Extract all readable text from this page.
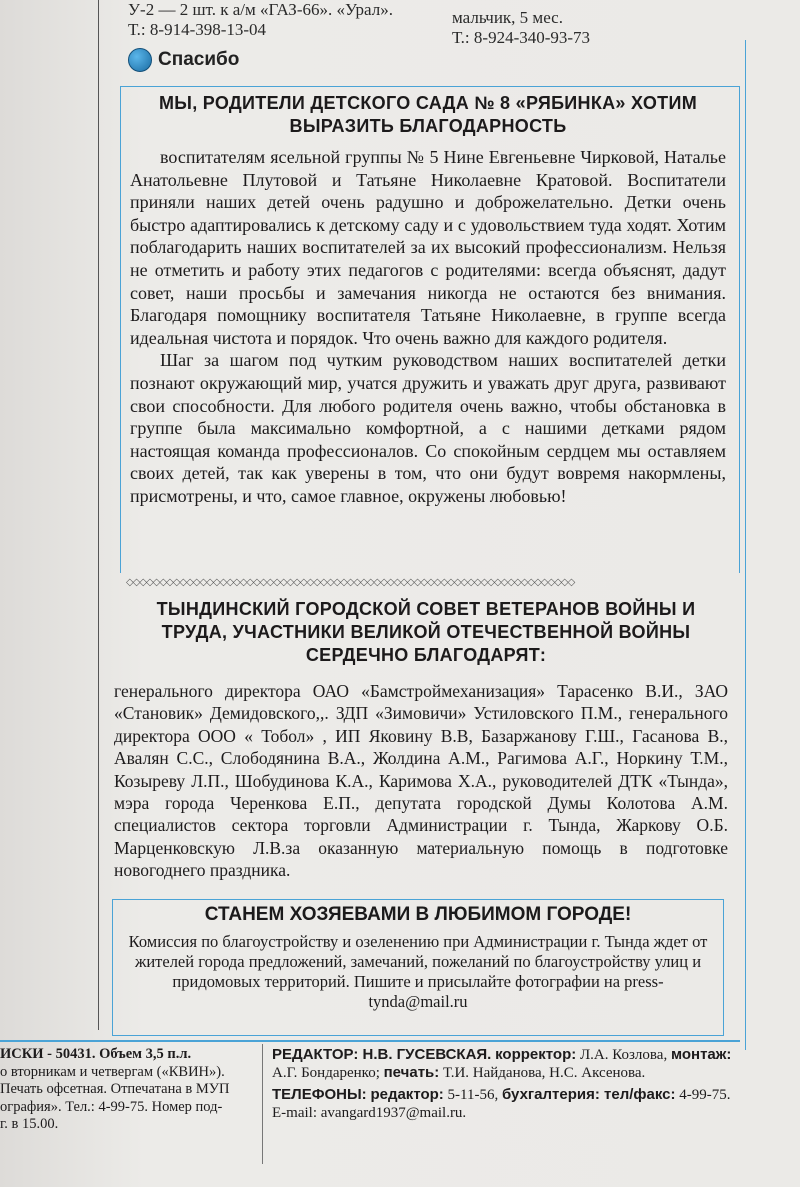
У-2 — 2 шт. к а/м «ГАЗ-66». «Урал».
Т.: 8-914-398-13-04
мальчик, 5 мес.
Т.: 8-924-340-93-73
Спасибо
МЫ, РОДИТЕЛИ ДЕТСКОГО САДА № 8 «РЯБИНКА» ХОТИМ ВЫРАЗИТЬ БЛАГОДАРНОСТЬ

воспитателям ясельной группы № 5 Нине Евгеньевне Чирковой, Наталье Анатольевне Плутовой и Татьяне Николаевне Кратовой. Воспитатели приняли наших детей очень радушно и доброжелательно. Детки очень быстро адаптировались к детскому саду и с удовольствием туда ходят. Хотим поблагодарить наших воспитателей за их высокий профессионализм. Нельзя не отметить и работу этих педагогов с родителями: всегда объяснят, дадут совет, наши просьбы и замечания никогда не остаются без внимания. Благодаря помощнику воспитателя Татьяне Николаевне, в группе всегда идеальная чистота и порядок. Что очень важно для каждого родителя.

Шаг за шагом под чутким руководством наших воспитателей детки познают окружающий мир, учатся дружить и уважать друг друга, развивают свои способности. Для любого родителя очень важно, чтобы обстановка в группе была максимально комфортной, а с нашими детками рядом настоящая команда профессионалов. Со спокойным сердцем мы оставляем своих детей, так как уверены в том, что они будут вовремя накормлены, присмотрены, и что, самое главное, окружены любовью!

◇◇◇◇◇◇◇◇◇◇◇◇◇◇◇◇◇◇◇◇◇◇◇◇◇◇◇◇◇◇◇◇◇◇◇◇◇◇◇◇◇◇◇◇◇◇◇◇◇◇◇◇◇◇◇◇◇◇◇◇◇◇◇◇◇◇◇
ТЫНДИНСКИЙ ГОРОДСКОЙ СОВЕТ ВЕТЕРАНОВ ВОЙНЫ И ТРУДА, УЧАСТНИКИ ВЕЛИКОЙ ОТЕЧЕСТВЕННОЙ ВОЙНЫ СЕРДЕЧНО БЛАГОДАРЯТ:
генерального директора ОАО «Бамстроймеханизация» Тарасенко В.И., ЗАО «Становик» Демидовского,,. ЗДП «Зимовичи» Устиловского П.М., генерального директора ООО « Тобол» , ИП Яковину В.В, Базаржанову Г.Ш., Гасанова В., Авалян С.С., Слободянина В.А., Жолдина А.М., Рагимова А.Г., Норкину Т.М., Козыреву Л.П., Шобудинова К.А., Каримова Х.А., руководителей ДТК «Тында», мэра города Черенкова Е.П., депутата городской Думы Колотова А.М. специалистов сектора торговли Администрации г. Тында, Жаркову О.Б. Марценковскую Л.В.за оказанную материальную помощь в подготовке новогоднего праздника.
СТАНЕМ ХОЗЯЕВАМИ В ЛЮБИМОМ ГОРОДЕ!
Комиссия по благоустройству и озеленению при Администрации г. Тында ждет от жителей города предложений, замечаний, пожеланий по благоустройству улиц и придомовых территорий. Пишите и присылайте фотографии на press-tynda@mail.ru
ИСКИ - 50431. Объем 3,5 п.л.
о вторникам и четвергам («КВИН»).
Печать офсетная. Отпечатана в МУП
ография». Тел.: 4-99-75. Номер под-
г. в 15.00.

РЕДАКТОР: Н.В. ГУСЕВСКАЯ. корректор: Л.А. Козлова, монтаж: А.Г. Бондаренко; печать: Т.И. Найданова, Н.С. Аксенова.

ТЕЛЕФОНЫ: редактор: 5-11-56, бухгалтерия: тел/факс: 4-99-75. E-mail: avangard1937@mail.ru.
